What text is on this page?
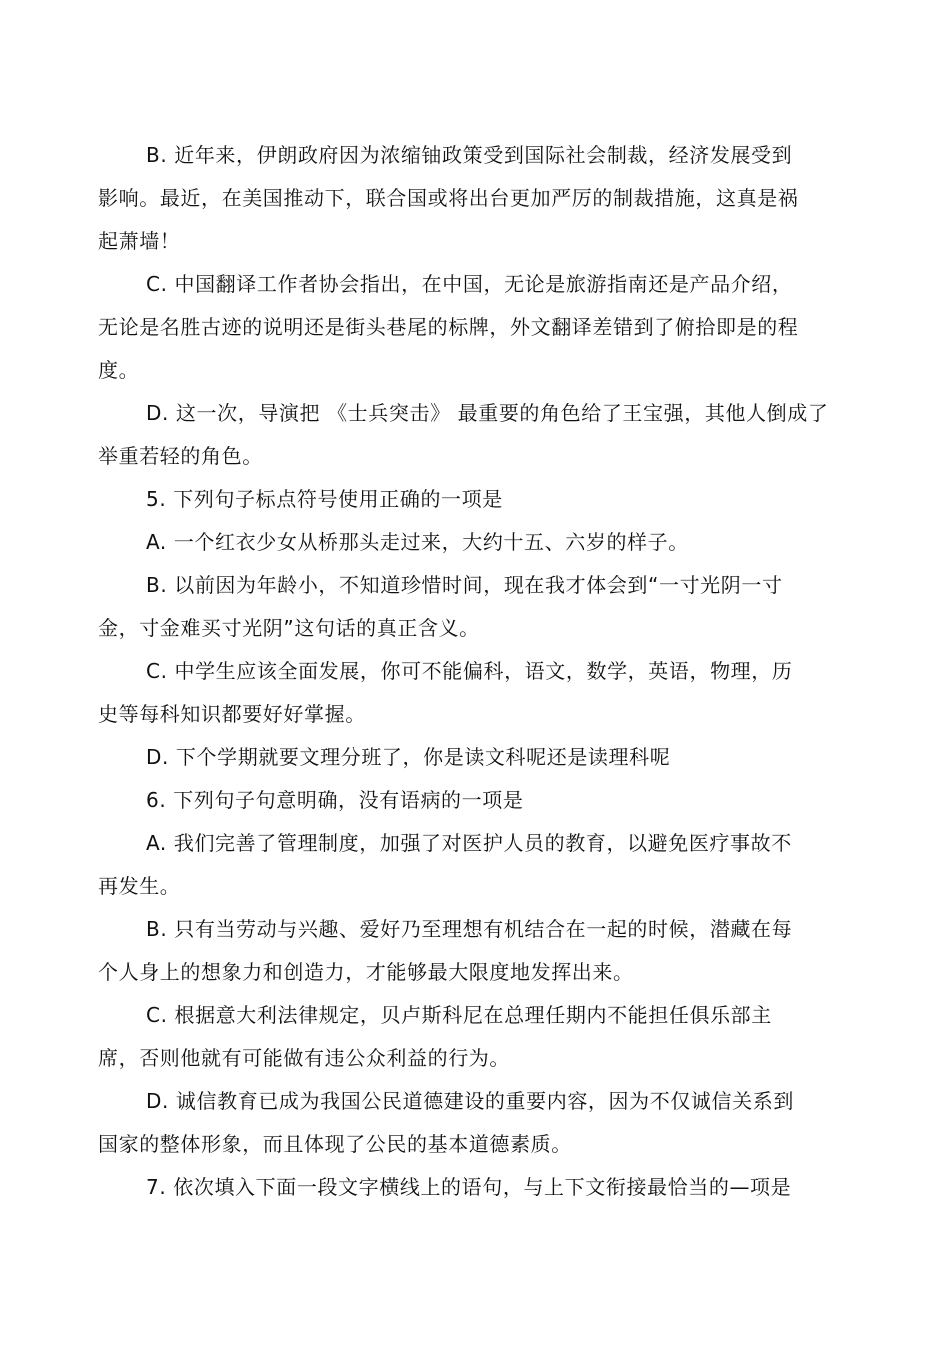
B. 近年来，伊朗政府因为浓缩铀政策受到国际社会制裁，经济发展受到
影响。最近，在美国推动下，联合国或将出台更加严厉的制裁措施，这真是祸
起萧墙！

C. 中国翻译工作者协会指出，在中国，无论是旅游指南还是产品介绍，
无论是名胜古迹的说明还是街头巷尾的标牌，外文翻译差错到了俯拾即是的程
度。

D. 这一次，导演把 《士兵突击》 最重要的角色给了王宝强，其他人倒成了
举重若轻的角色。

5. 下列句子标点符号使用正确的一项是

A. 一个红衣少女从桥那头走过来，大约十五、六岁的样子。

B. 以前因为年龄小，不知道珍惜时间，现在我才体会到“一寸光阴一寸
金，寸金难买寸光阴”这句话的真正含义。

C. 中学生应该全面发展，你可不能偏科，语文，数学，英语，物理，历
史等每科知识都要好好掌握。

D. 下个学期就要文理分班了，你是读文科呢还是读理科呢

6. 下列句子句意明确，没有语病的一项是

A. 我们完善了管理制度，加强了对医护人员的教育，以避免医疗事故不
再发生。

B. 只有当劳动与兴趣、爱好乃至理想有机结合在一起的时候，潜藏在每
个人身上的想象力和创造力，才能够最大限度地发挥出来。

C. 根据意大利法律规定，贝卢斯科尼在总理任期内不能担任俱乐部主
席，否则他就有可能做有违公众利益的行为。

D. 诚信教育已成为我国公民道德建设的重要内容，因为不仅诚信关系到
国家的整体形象，而且体现了公民的基本道德素质。

7. 依次填入下面一段文字横线上的语句，与上下文衔接最恰当的—项是
